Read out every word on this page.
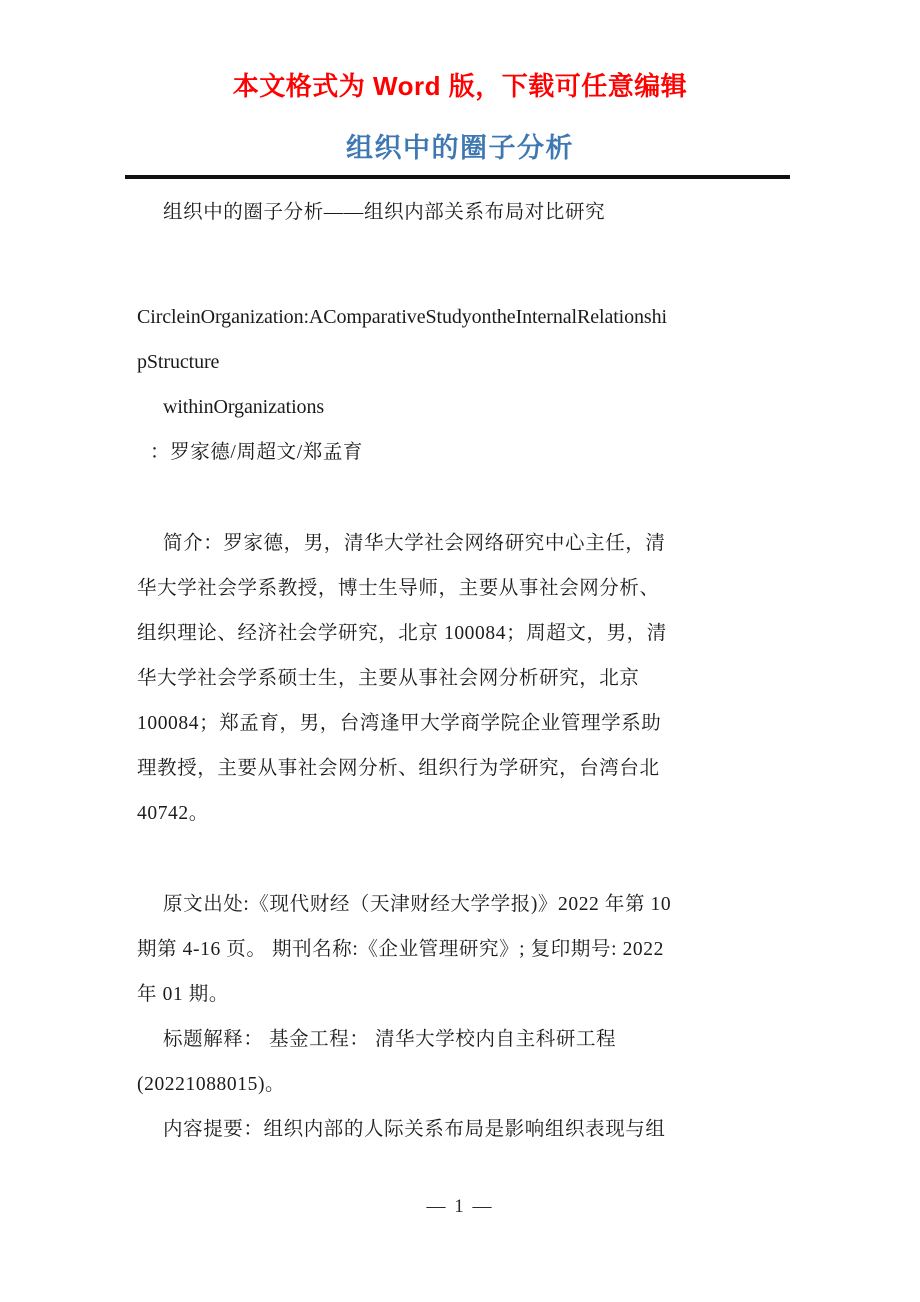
本文格式为 Word 版，下载可任意编辑
组织中的圈子分析
组织中的圈子分析——组织内部关系布局对比研究
CircleinOrganization:AComparativeStudyontheInternalRelationshi
pStructure
withinOrganizations
：罗家德/周超文/郑孟育
简介：罗家德，男，清华大学社会网络研究中心主任，清
华大学社会学系教授，博士生导师，主要从事社会网分析、
组织理论、经济社会学研究，北京 100084；周超文，男，清
华大学社会学系硕士生，主要从事社会网分析研究，北京
100084；郑孟育，男，台湾逢甲大学商学院企业管理学系助
理教授，主要从事社会网分析、组织行为学研究，台湾台北
40742。
原文出处:《现代财经（天津财经大学学报)》2022 年第 10
期第 4-16 页。 期刊名称:《企业管理研究》; 复印期号: 2022
年 01 期。
标题解释： 基金工程： 清华大学校内自主科研工程
(20221088015)。
内容提要：组织内部的人际关系布局是影响组织表现与组
— 1 —
